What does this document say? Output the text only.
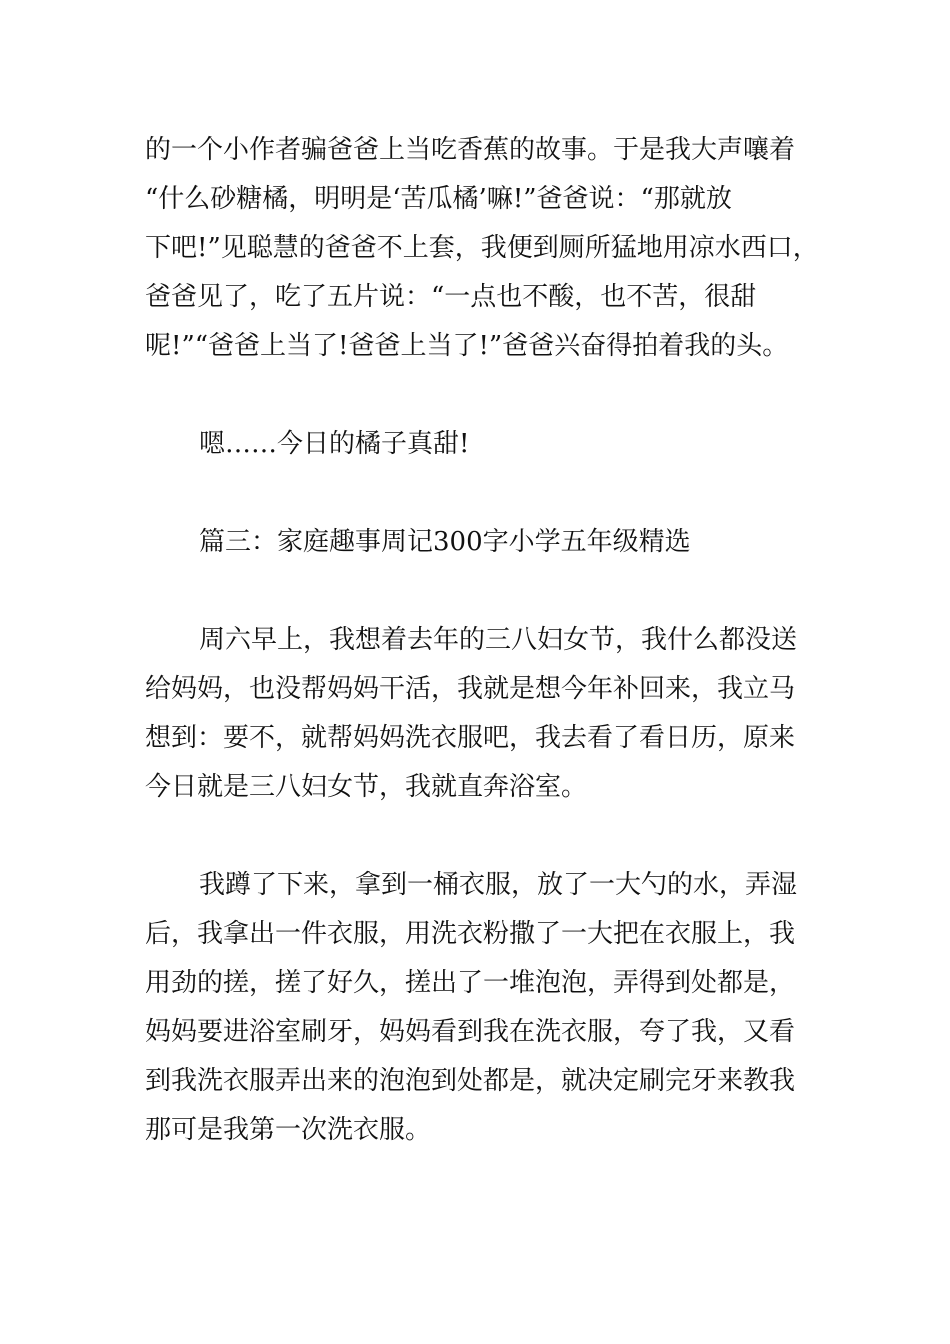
的一个小作者骗爸爸上当吃香蕉的故事。于是我大声嚷着
“什么砂糖橘，明明是‘苦瓜橘’嘛!”爸爸说：“那就放
下吧!”见聪慧的爸爸不上套，我便到厕所猛地用凉水西口，
爸爸见了，吃了五片说：“一点也不酸，也不苦，很甜
呢!”“爸爸上当了!爸爸上当了!”爸爸兴奋得拍着我的头。
嗯……今日的橘子真甜!
篇三：家庭趣事周记300字小学五年级精选
周六早上，我想着去年的三八妇女节，我什么都没送
给妈妈，也没帮妈妈干活，我就是想今年补回来，我立马
想到：要不，就帮妈妈洗衣服吧，我去看了看日历，原来
今日就是三八妇女节，我就直奔浴室。
我蹲了下来，拿到一桶衣服，放了一大勺的水，弄湿
后，我拿出一件衣服，用洗衣粉撒了一大把在衣服上，我
用劲的搓，搓了好久，搓出了一堆泡泡，弄得到处都是，
妈妈要进浴室刷牙，妈妈看到我在洗衣服，夸了我，又看
到我洗衣服弄出来的泡泡到处都是，就决定刷完牙来教我
那可是我第一次洗衣服。
